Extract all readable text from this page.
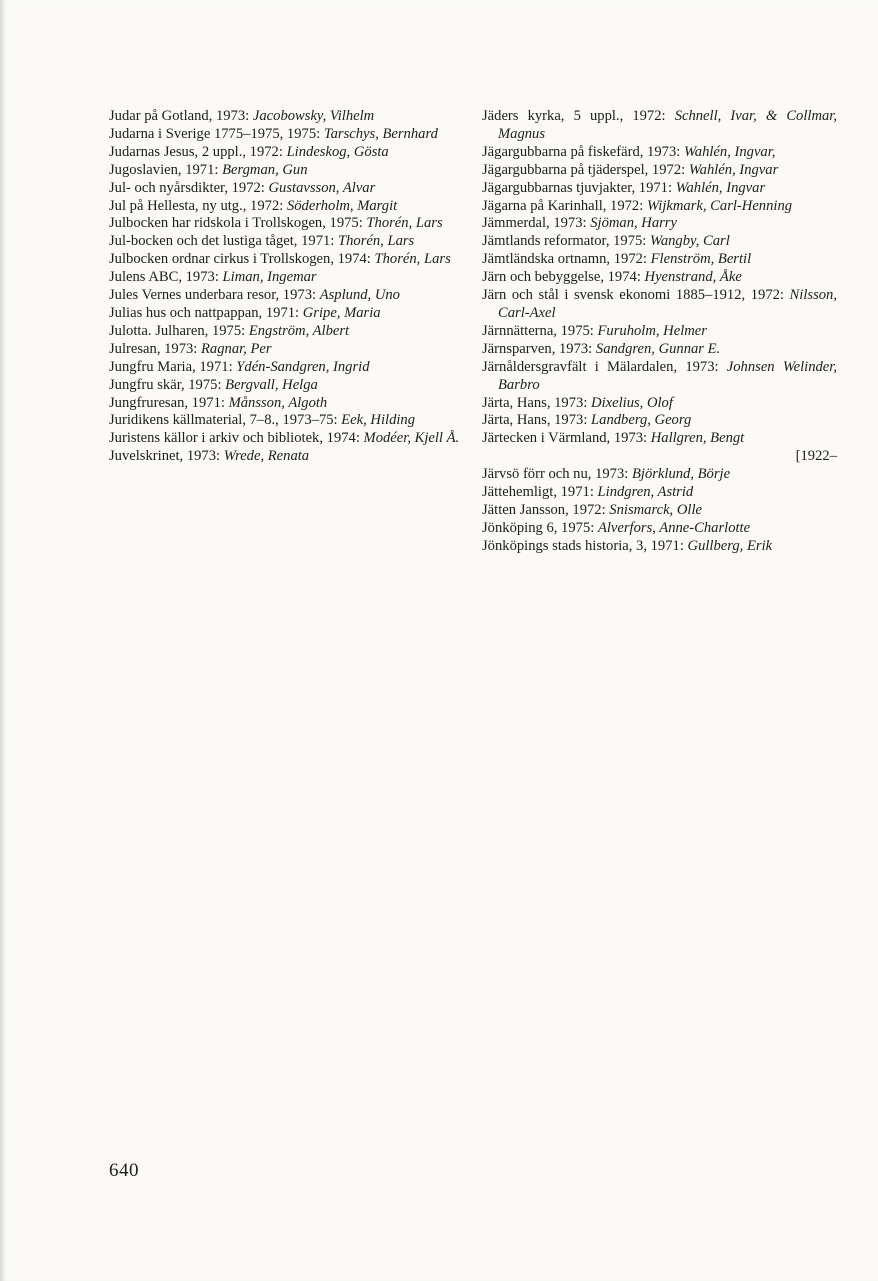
Judar på Gotland, 1973: Jacobowsky, Vilhelm
Judarna i Sverige 1775–1975, 1975: Tarschys, Bernhard
Judarnas Jesus, 2 uppl., 1972: Lindeskog, Gösta
Jugoslavien, 1971: Bergman, Gun
Jul- och nyårsdikter, 1972: Gustavsson, Alvar
Jul på Hellesta, ny utg., 1972: Söderholm, Margit
Julbocken har ridskola i Trollskogen, 1975: Thorén, Lars
Jul-bocken och det lustiga tåget, 1971: Thorén, Lars
Julbocken ordnar cirkus i Trollskogen, 1974: Thorén, Lars
Julens ABC, 1973: Liman, Ingemar
Jules Vernes underbara resor, 1973: Asplund, Uno
Julias hus och nattpappan, 1971: Gripe, Maria
Julotta. Julharen, 1975: Engström, Albert
Julresan, 1973: Ragnar, Per
Jungfru Maria, 1971: Ydén-Sandgren, Ingrid
Jungfru skär, 1975: Bergvall, Helga
Jungfruresan, 1971: Månsson, Algoth
Juridikens källmaterial, 7–8., 1973–75: Eek, Hilding
Juristens källor i arkiv och bibliotek, 1974: Modéer, Kjell Å.
Juvelskrinet, 1973: Wrede, Renata
Jäders kyrka, 5 uppl., 1972: Schnell, Ivar, & Collmar, Magnus
Jägargubbarna på fiskefärd, 1973: Wahlén, Ingvar,
Jägargubbarna på tjäderspel, 1972: Wahlén, Ingvar
Jägargubbarnas tjuvjakter, 1971: Wahlén, Ingvar
Jägarna på Karinhall, 1972: Wijkmark, Carl-Henning
Jämmerdal, 1973: Sjöman, Harry
Jämtlands reformator, 1975: Wangby, Carl
Jämtländska ortnamn, 1972: Flenström, Bertil
Järn och bebyggelse, 1974: Hyenstrand, Åke
Järn och stål i svensk ekonomi 1885–1912, 1972: Nilsson, Carl-Axel
Järnnätterna, 1975: Furuholm, Helmer
Järnsparven, 1973: Sandgren, Gunnar E.
Järnåldersgravfält i Mälardalen, 1973: Johnsen Welinder, Barbro
Järta, Hans, 1973: Dixelius, Olof
Järta, Hans, 1973: Landberg, Georg
Järtecken i Värmland, 1973: Hallgren, Bengt
[1922–
Järvsö förr och nu, 1973: Björklund, Börje
Jättehemligt, 1971: Lindgren, Astrid
Jätten Jansson, 1972: Snismarck, Olle
Jönköping 6, 1975: Alverfors, Anne-Charlotte
Jönköpings stads historia, 3, 1971: Gullberg, Erik
640
